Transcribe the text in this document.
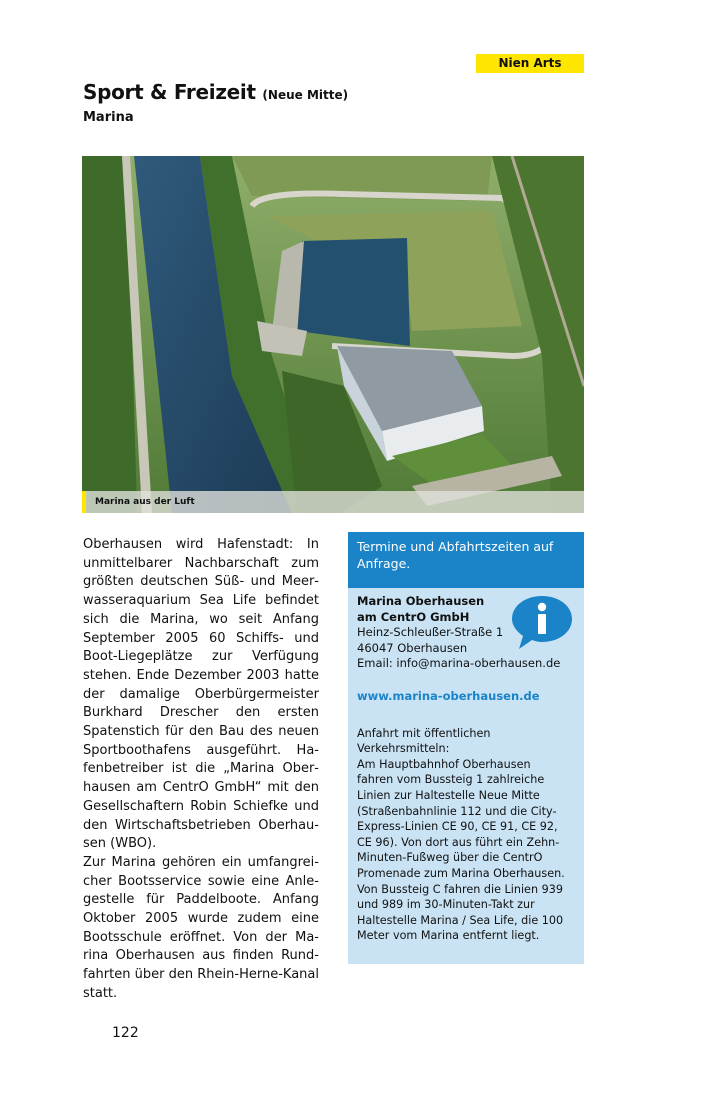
Nien Arts
Sport & Freizeit (Neue Mitte)
Marina
Marina aus der Luft

Oberhausen wird Hafenstadt: In unmittelbarer Nachbarschaft zum größten deutschen Süß- und Meerwasseraquarium Sea Life befindet sich die Marina, wo seit Anfang September 2005 60 Schiffs- und Boot-Liegeplätze zur Verfügung stehen. Ende Dezember 2003 hatte der damalige Oberbürgermeister Burkhard Drescher den ersten Spatenstich für den Bau des neuen Sportboothafens ausgeführt. Hafenbetreiber ist die „Marina Oberhausen am CentrO GmbH“ mit den Gesellschaftern Robin Schiefke und den Wirtschaftsbetrieben Oberhausen (WBO).

Zur Marina gehören ein umfangreicher Bootsservice sowie eine Anlegestelle für Paddelboote. Anfang Oktober 2005 wurde zudem eine Bootsschule eröffnet. Von der Marina Oberhausen aus finden Rundfahrten über den Rhein-Herne-Kanal statt.

Termine und Abfahrtszeiten auf Anfrage.
Marina Oberhausen
am CentrO GmbH
Heinz-Schleußer-Straße 1
46047 Oberhausen
Email: info@marina-oberhausen.de
www.marina-oberhausen.de
Anfahrt mit öffentlichen
Verkehrsmitteln:
Am Hauptbahnhof Oberhausen
fahren vom Bussteig 1 zahlreiche
Linien zur Haltestelle Neue Mitte
(Straßenbahnlinie 112 und die City-
Express-Linien CE 90, CE 91, CE 92,
CE 96). Von dort aus führt ein Zehn-
Minuten-Fußweg über die CentrO
Promenade zum Marina Oberhausen.
Von Bussteig C fahren die Linien 939
und 989 im 30-Minuten-Takt zur
Haltestelle Marina / Sea Life, die 100
Meter vom Marina entfernt liegt.
122
